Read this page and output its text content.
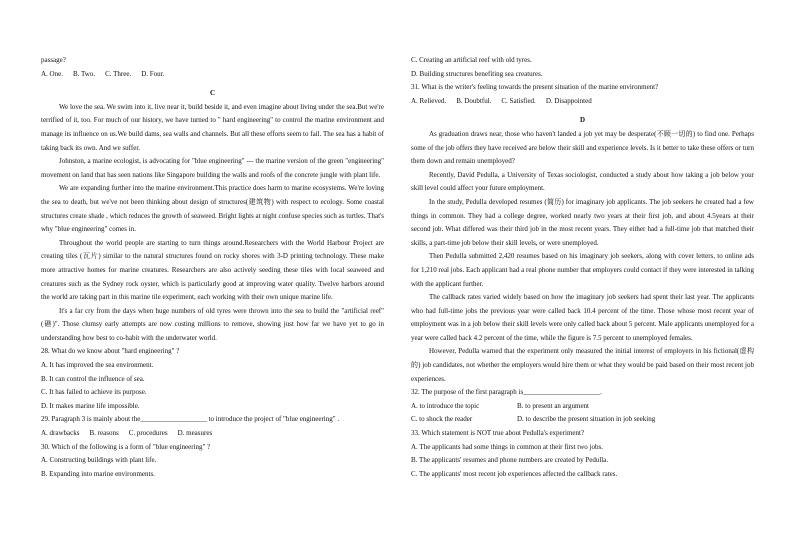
passage?
A. One. B. Two. C. Three. D. Four.
C
We love the sea. We swim into it, live near it, build beside it, and even imagine about living under the sea.But we're terrified of it, too. For much of our history, we have turned to " hard engineering" to control the marine environment and manage its influence on us.We build dams, sea walls and channels. But all these efforts seem to fail. The sea has a habit of taking back its own. And we suffer.
Johnston, a marine ecologist, is advocating for "blue engineering" --- the marine version of the green "engineering" movement on land that has seen nations like Singapore building the walls and roofs of the concrete jungle with plant life.
We are expanding further into the marine environment.This practice does harm to marine ecosystems. We're loving the sea to death, but we've not been thinking about design of structures(建筑物) with respect to ecology. Some coastal structures create shade , which reduces the growth of seaweed. Bright lights at night confuse species such as turtles. That's why "blue engineering" comes in.
Throughout the world people are starting to turn things around.Researchers with the World Harbour Project are creating tiles (瓦片) similar to the natural structures found on rocky shores with 3-D printing technology. These make more attractive homes for marine creatures. Researchers are also actively seeding these tiles with local seaweed and creatures such as the Sydney rock oyster, which is particularly good at improving water quality. Twelve harbors around the world are taking part in this marine tile experiment, each working with their own unique marine life.
It's a far cry from the days when huge numbers of old tyres were thrown into the sea to build the "artificial reef" (礁)". Those clumsy early attempts are now costing millions to remove, showing just how far we have yet to go in understanding how best to co-habit with the underwater world.
28. What do we know about "hard engineering" ?
A. It has improved the sea environment.
B. It can control the influence of sea.
C. It has failed to achieve its purpose.
D. It makes marine life impossible.
29. Paragraph 3 is mainly about the___________________ to introduce the project of "blue engineering" .
A. drawbacks B. reasons C. procedures D. measures
30. Which of the following is a form of "blue engineering" ?
A. Constructing buildings with plant life.
B. Expanding into marine environments.
C. Creating an artificial reef with old tyres.
D. Building structures benefiting sea creatures.
31. What is the writer's feeling towards the present situation of the marine environment?
A. Relieved. B. Doubtful. C. Satisfied. D. Disappointed
D
As graduation draws near, those who haven't landed a job yet may be desperate(不顾一切的) to find one. Perhaps some of the job offers they have received are below their skill and experience levels. Is it better to take these offers or turn them down and remain unemployed?
Recently, David Pedulla, a University of Texas sociologist, conducted a study about how taking a job below your skill level could affect your future employment.
In the study, Pedulla developed resumes (简历) for imaginary job applicants. The job seekers he created had a few things in common. They had a college degree, worked nearly two years at their first job, and about 4.5years at their second job. What differed was their third job in the most recent years. They either had a full-time job that matched their skills, a part-time job below their skill levels, or were unemployed.
Then Pedulla submitted 2,420 resumes based on his imaginary job seekers, along with cover letters, to online ads for 1,210 real jobs. Each applicant had a real phone number that employers could contact if they were interested in talking with the applicant further.
The callback rates varied widely based on how the imaginary job seekers had spent their last year. The applicants who had full-time jobs the previous year were called back 10.4 percent of the time. Those whose most recent year of employment was in a job below their skill levels were only called back about 5 percent. Male applicants unemployed for a year were called back 4.2 percent of the time, while the figure is 7.5 percent to unemployed females.
However, Pedulla warned that the experiment only measured the initial interest of employers in his fictional(虚构的) job candidates, not whether the employers would hire them or what they would be paid based on their most recent job experiences.
32. The purpose of the first paragraph is______________________.
A. to introduce the topic	B. to present an argument
C. to shock the reader	D. to describe the present situation in job seeking
33. Which statement is NOT true about Pedulla's experiment?
A. The applicants had some things in common at their first two jobs.
B. The applicants' resumes and phone numbers are created by Pedulla.
C. The applicants' most recent job experiences affected the callback rates.
